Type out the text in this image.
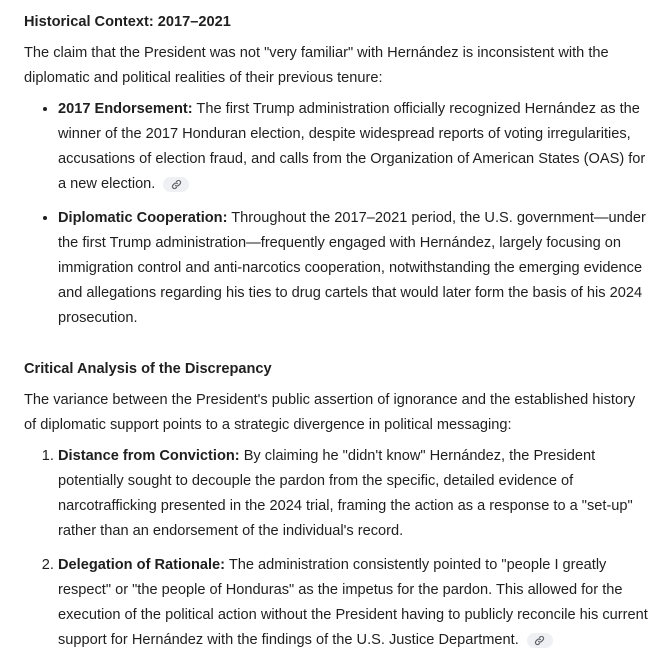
Historical Context: 2017–2021

The claim that the President was not "very familiar" with Hernández is inconsistent with the diplomatic and political realities of their previous tenure:

• 2017 Endorsement: The first Trump administration officially recognized Hernández as the winner of the 2017 Honduran election, despite widespread reports of voting irregularities, accusations of election fraud, and calls from the Organization of American States (OAS) for a new election.
• Diplomatic Cooperation: Throughout the 2017–2021 period, the U.S. government—under the first Trump administration—frequently engaged with Hernández, largely focusing on immigration control and anti-narcotics cooperation, notwithstanding the emerging evidence and allegations regarding his ties to drug cartels that would later form the basis of his 2024 prosecution.
Critical Analysis of the Discrepancy

The variance between the President's public assertion of ignorance and the established history of diplomatic support points to a strategic divergence in political messaging:

1. Distance from Conviction: By claiming he "didn't know" Hernández, the President potentially sought to decouple the pardon from the specific, detailed evidence of narcotrafficking presented in the 2024 trial, framing the action as a response to a "set-up" rather than an endorsement of the individual's record.
2. Delegation of Rationale: The administration consistently pointed to "people I greatly respect" or "the people of Honduras" as the impetus for the pardon. This allowed for the execution of the political action without the President having to publicly reconcile his current support for Hernández with the findings of the U.S. Justice Department.
